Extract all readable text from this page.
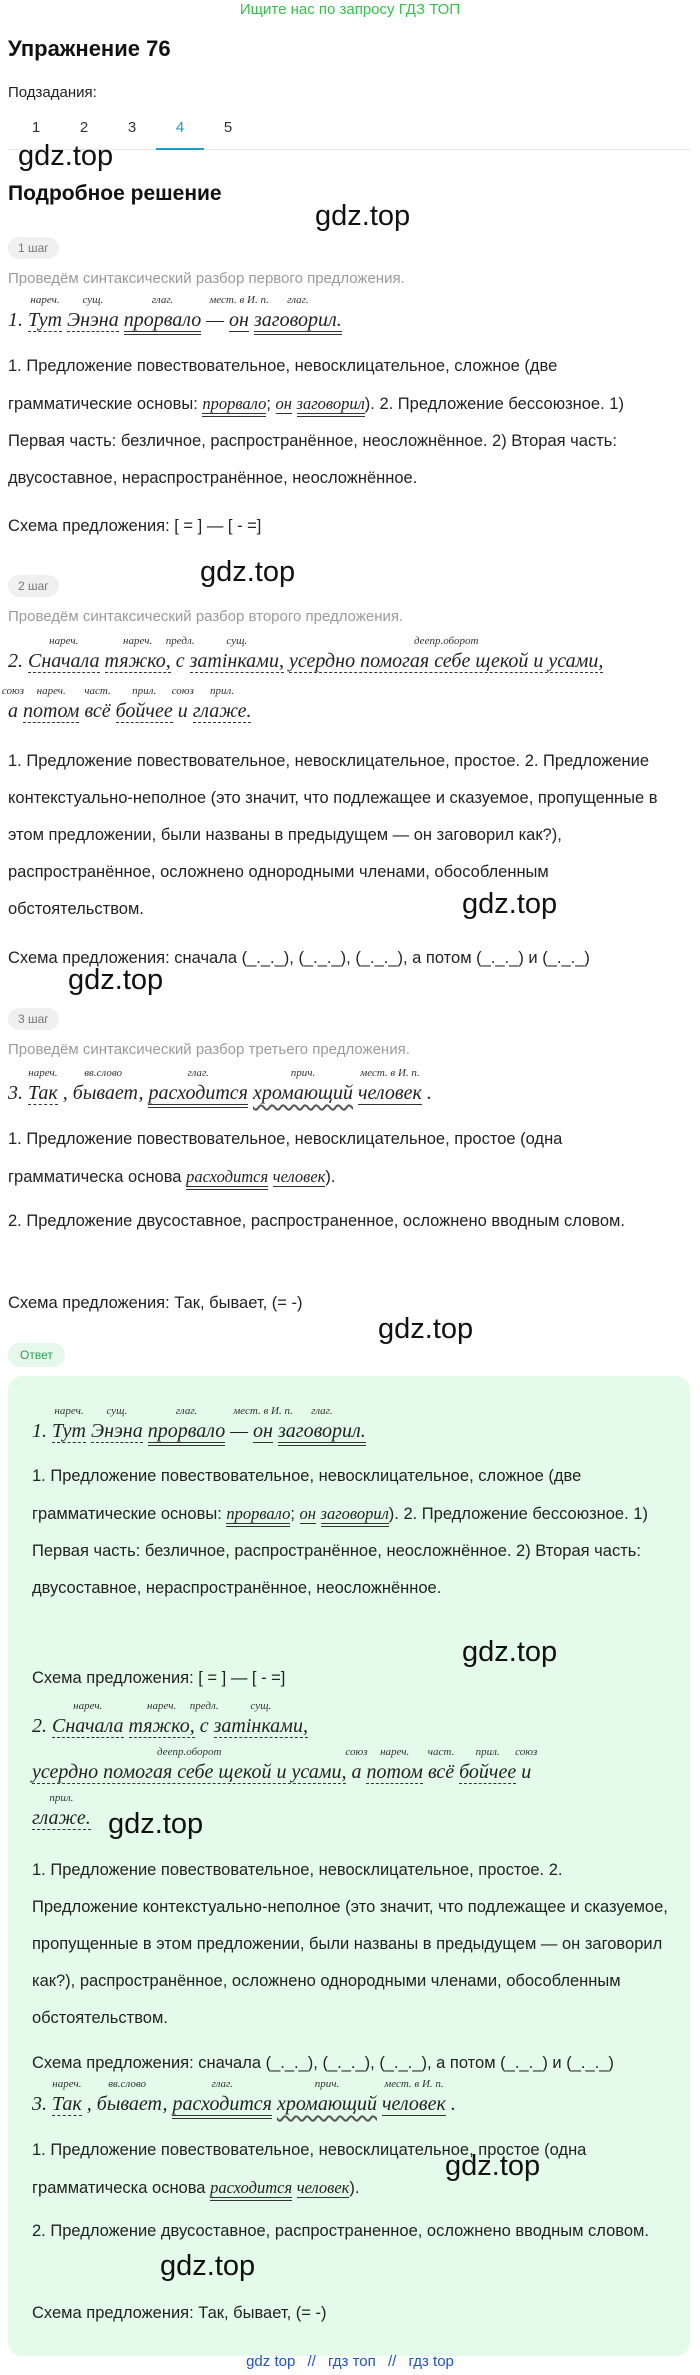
Ищите нас по запросу ГДЗ ТОП
Упражнение 76
Подзадания:
1	2	3	4	5
gdz.top
Подробное решение
gdz.top
1 шаг
Проведём синтаксический разбор первого предложения.
1. Тут
нареч.
Энэна
сущ.
прорвало
глаг.
— он
мест. в И. п.
заговорил.
глаг.
1. Предложение повествовательное, невосклицательное, сложное (две грамматические основы: прорвало; он заговорил). 2. Предложение бессоюзное. 1) Первая часть: безличное, распространённое, неосложнённое. 2) Вторая часть: двусоставное, нераспространённое, неосложнённое.
Схема предложения: [ = ] — [ - =]
2 шаг	gdz.top
Проведём синтаксический разбор второго предложения.
2. Сначала
нареч.
тяжко,
нареч.
с
предл.
затінками,
сущ.
усердно помогая себе щекой и усами,
деепр.оборот
а
союз
потом
нареч.
всё
част.
бойчее
прил.
и
союз
глаже.
прил.
1. Предложение повествовательное, невосклицательное, простое. 2. Предложение контекстуально-неполное (это значит, что подлежащее и сказуемое, пропущенные в этом предложении, были названы в предыдущем — он заговорил как?), распространённое, осложнено однородными членами, обособленным обстоятельством.	gdz.top
Схема предложения: сначала (_._._), (_._._), (_._._), а потом (_._._) и (_._._)
gdz.top
3 шаг
Проведём синтаксический разбор третьего предложения.
3. Так
нареч.
, бывает,
вв.слово
расходится
глаг.
хромающий
прич.
человек
мест. в И. п.
.
1. Предложение повествовательное, невосклицательное, простое (одна грамматическа основа расходится человек).
2. Предложение двусоставное, распространенное, осложнено вводным словом.
Схема предложения: Так, бывает, (= -)
gdz.top
Ответ
1. Тут
нареч.
Энэна
сущ.
прорвало
глаг.
— он
мест. в И. п.
заговорил.
глаг.
1. Предложение повествовательное, невосклицательное, сложное (две грамматические основы: прорвало; он заговорил). 2. Предложение бессоюзное. 1) Первая часть: безличное, распространённое, неосложнённое. 2) Вторая часть: двусоставное, нераспространённое, неосложнённое.
gdz.top
Схема предложения: [ = ] — [ - =]
2. Сначала
нареч.
тяжко,
нареч.
с
предл.
затінками,
сущ.
усердно помогая себе щекой и усами,
деепр.оборот
а
союз
потом
нареч.
всё
част.
бойчее
прил.
и
союз
глаже.
прил.
gdz.top
1. Предложение повествовательное, невосклицательное, простое. 2. Предложение контекстуально-неполное (это значит, что подлежащее и сказуемое, пропущенные в этом предложении, были названы в предыдущем — он заговорил как?), распространённое, осложнено однородными членами, обособленным обстоятельством.
Схема предложения: сначала (_._._), (_._._), (_._._), а потом (_._._) и (_._._)
3. Так
нареч.
, бывает,
вв.слово
расходится
глаг.
хромающий
прич.
человек
мест. в И. п.
.
1. Предложение повествовательное, невосклицательное, простое (одна грамматическа основа расходится человек).
gdz.top
2. Предложение двусоставное, распространенное, осложнено вводным словом.
gdz.top
Схема предложения: Так, бывает, (= -)
gdz top // гдз топ // гдз top
